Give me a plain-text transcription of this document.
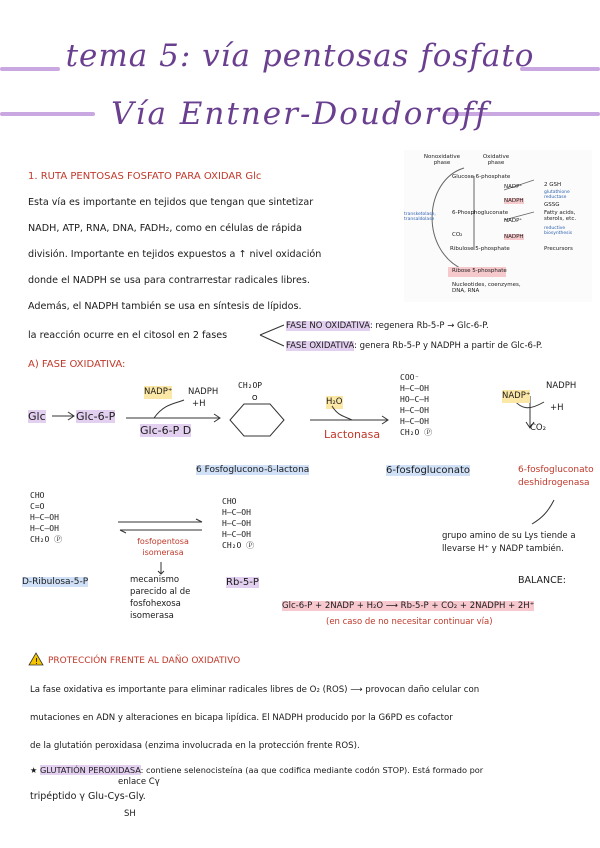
tema 5: vía pentosas fosfato
Vía Entner-Doudoroff
1. RUTA PENTOSAS FOSFATO PARA OXIDAR Glc
Esta vía es importante en tejidos que tengan que sintetizar
NADH, ATP, RNA, DNA, FADH₂, como en células de rápida
división. Importante en tejidos expuestos a ↑ nivel oxidación
donde el NADPH se usa para contrarrestar radicales libres.
Además, el NADPH también se usa en síntesis de lípidos.
la reacción ocurre en el citosol en 2 fases
FASE NO OXIDATIVA: regenera Rb-5-P → Glc-6-P.
FASE OXIDATIVA: genera Rb-5-P y NADPH a partir de Glc-6-P.
Nonoxidative phase
Oxidative phase
Glucose 6-phosphate
NADP⁺
NADPH
6-Phosphogluconate
NADP⁺
CO₂	NADPH
Ribulose 5-phosphate
Ribose 5-phosphate
Nucleotides, coenzymes, DNA, RNA
2 GSH
GSSG
Fatty acids, sterols, etc.
Precursors
transketolase, transaldolase
glutathione reductase
reductive biosynthesis
A) FASE OXIDATIVA:
Glc	Glc-6-P
NADP⁺ NADPH
+H
Glc-6-P D
O
CH₂OP
6 Fosfoglucono-δ-lactona
H₂O
Lactonasa
COO⁻
H—C—OH
HO—C—H
H—C—OH
H—C—OH
CH₂O Ⓟ
6-fosfogluconato
NADP⁺
NADPH
+H
CO₂
6-fosfogluconato deshidrogenasa
CHO
C=O
H—C—OH
H—C—OH
CH₂O Ⓟ
D-Ribulosa-5-P
fosfopentosa isomerasa
mecanismo parecido al de fosfohexosa isomerasa
CHO
H—C—OH
H—C—OH
H—C—OH
CH₂O Ⓟ
Rb-5-P
grupo amino de su Lys tiende a llevarse H⁺ y NADP también.
BALANCE:
Glc-6-P + 2NADP + H₂O ⟶ Rb-5-P + CO₂ + 2NADPH + 2H⁺
(en caso de no necesitar continuar vía)
! PROTECCIÓN FRENTE AL DAÑO OXIDATIVO
La fase oxidativa es importante para eliminar radicales libres de O₂ (ROS) ⟶ provocan daño celular con
mutaciones en ADN y alteraciones en bicapa lipídica. El NADPH producido por la G6PD es cofactor
de la glutatión peroxidasa (enzima involucrada en la protección frente ROS).
★ GLUTATIÓN PEROXIDASA: contiene selenocisteína (aa que codifica mediante codón STOP). Está formado por
enlace Cγ
tripéptido γ Glu-Cys-Gly.
SH
